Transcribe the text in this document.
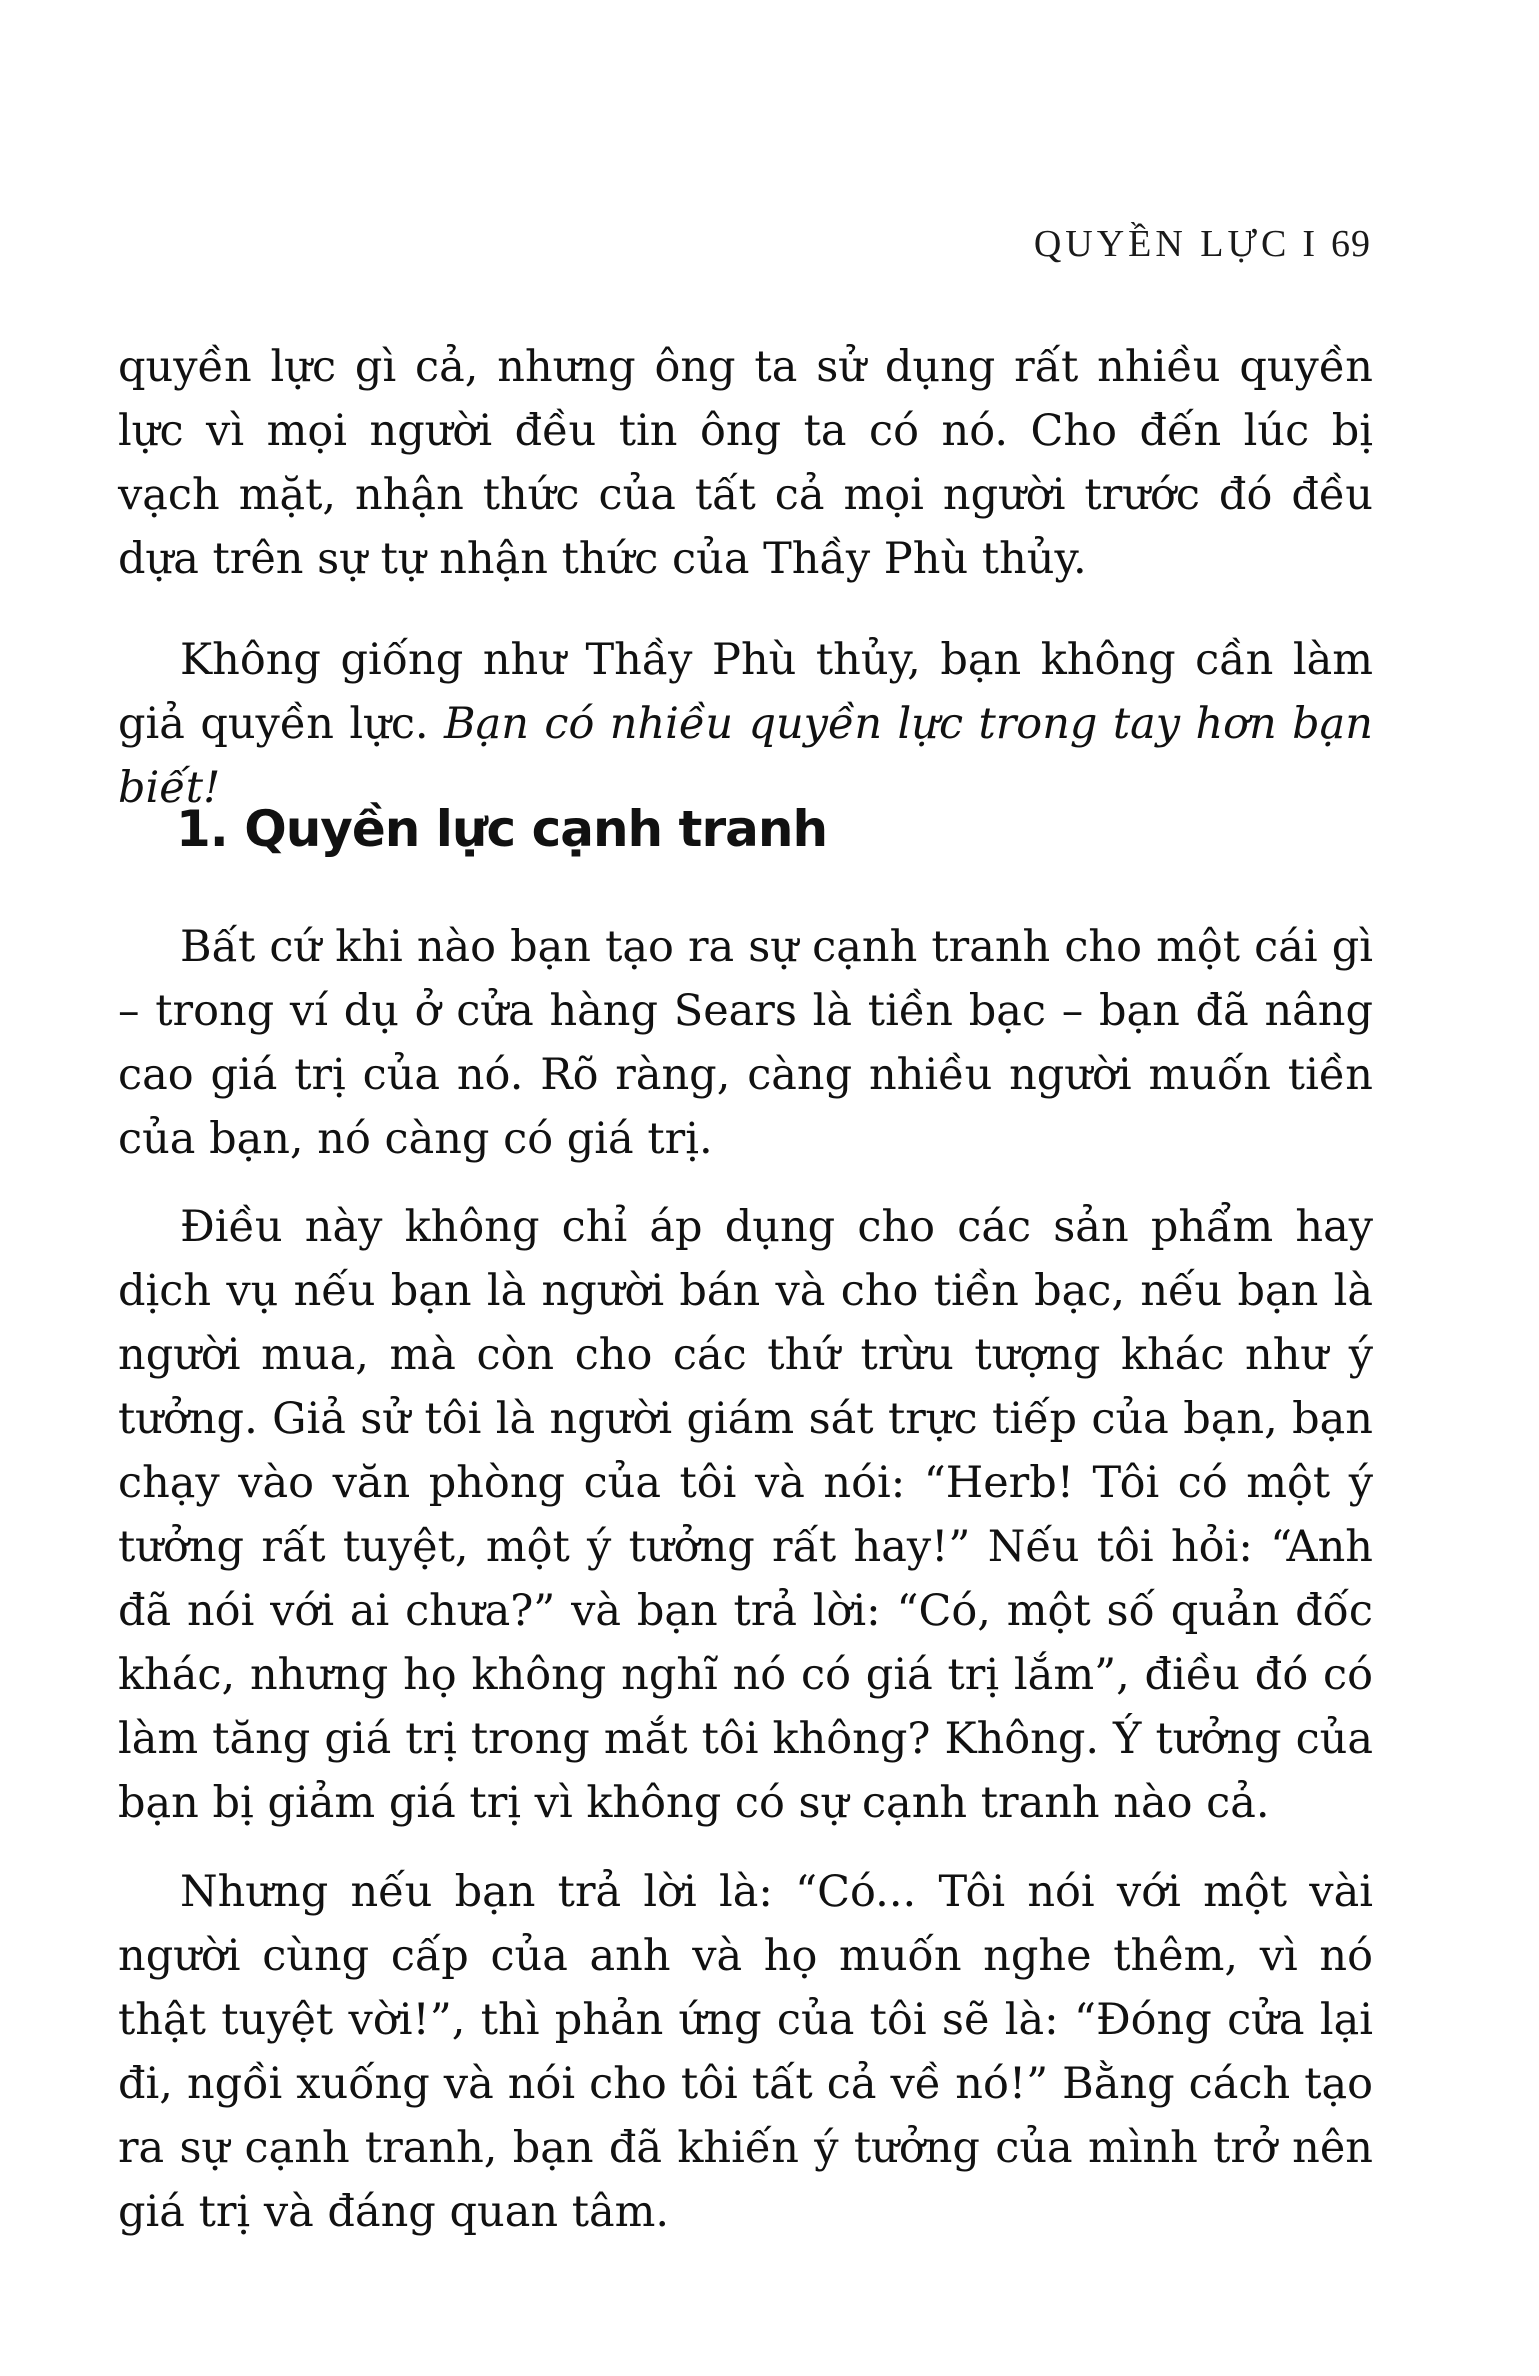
QUYỀN LỰC I 69

quyền lực gì cả, nhưng ông ta sử dụng rất nhiều quyền lực vì mọi người đều tin ông ta có nó. Cho đến lúc bị vạch mặt, nhận thức của tất cả mọi người trước đó đều dựa trên sự tự nhận thức của Thầy Phù thủy.

Không giống như Thầy Phù thủy, bạn không cần làm giả quyền lực. Bạn có nhiều quyền lực trong tay hơn bạn biết!

1. Quyền lực cạnh tranh

Bất cứ khi nào bạn tạo ra sự cạnh tranh cho một cái gì – trong ví dụ ở cửa hàng Sears là tiền bạc – bạn đã nâng cao giá trị của nó. Rõ ràng, càng nhiều người muốn tiền của bạn, nó càng có giá trị.

Điều này không chỉ áp dụng cho các sản phẩm hay dịch vụ nếu bạn là người bán và cho tiền bạc, nếu bạn là người mua, mà còn cho các thứ trừu tượng khác như ý tưởng. Giả sử tôi là người giám sát trực tiếp của bạn, bạn chạy vào văn phòng của tôi và nói: “Herb! Tôi có một ý tưởng rất tuyệt, một ý tưởng rất hay!” Nếu tôi hỏi: “Anh đã nói với ai chưa?” và bạn trả lời: “Có, một số quản đốc khác, nhưng họ không nghĩ nó có giá trị lắm”, điều đó có làm tăng giá trị trong mắt tôi không? Không. Ý tưởng của bạn bị giảm giá trị vì không có sự cạnh tranh nào cả.

Nhưng nếu bạn trả lời là: “Có... Tôi nói với một vài người cùng cấp của anh và họ muốn nghe thêm, vì nó thật tuyệt vời!”, thì phản ứng của tôi sẽ là: “Đóng cửa lại đi, ngồi xuống và nói cho tôi tất cả về nó!” Bằng cách tạo ra sự cạnh tranh, bạn đã khiến ý tưởng của mình trở nên giá trị và đáng quan tâm.
